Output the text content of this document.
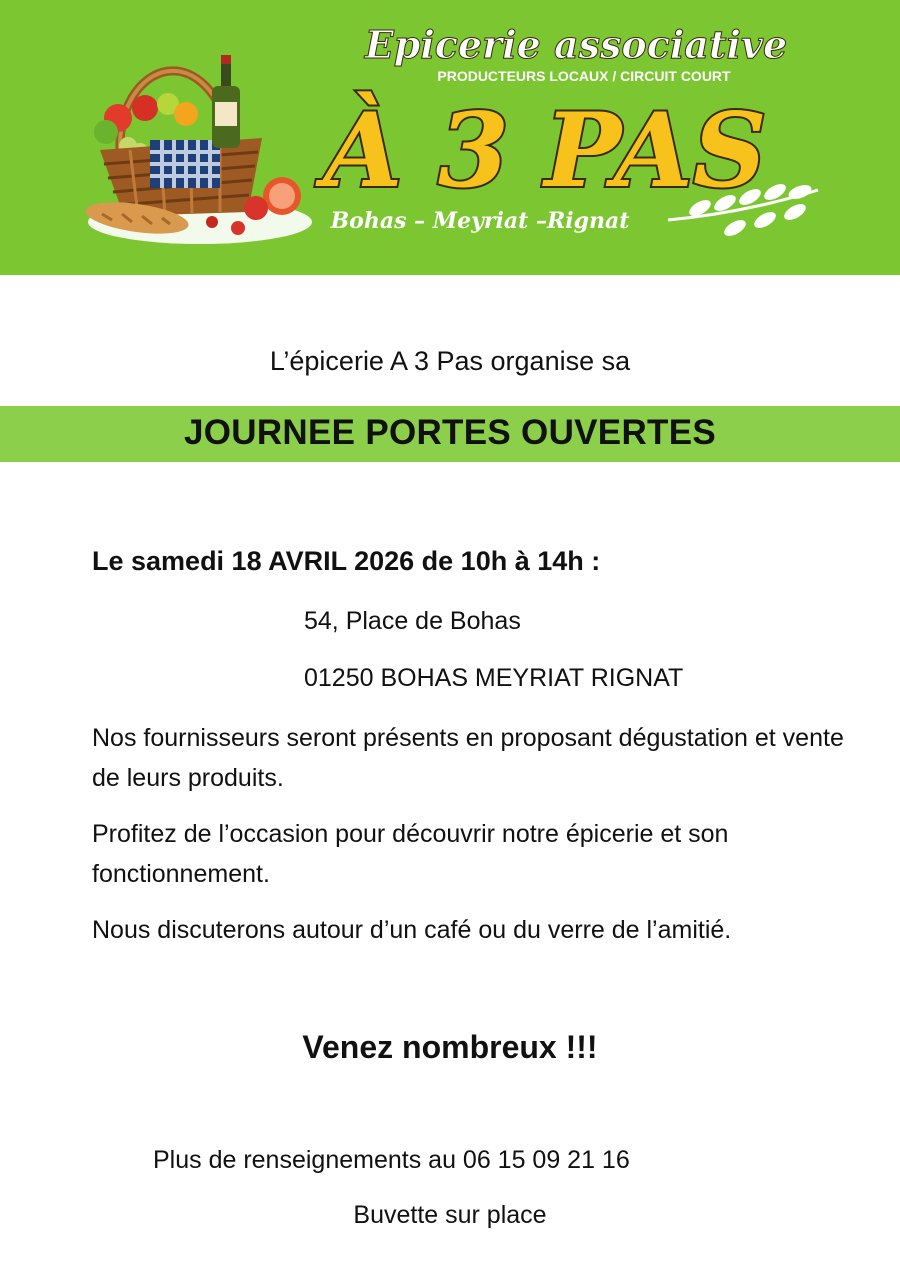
Epicerie associative
PRODUCTEURS LOCAUX / CIRCUIT COURT
À 3 PAS
Bohas – Meyriat –Rignat
L’épicerie A 3 Pas organise sa
JOURNEE PORTES OUVERTES
Le samedi 18 AVRIL 2026 de 10h à 14h :
54, Place de Bohas
01250 BOHAS MEYRIAT RIGNAT
Nos fournisseurs seront présents en proposant dégustation et vente de leurs produits.
Profitez de l’occasion pour découvrir notre épicerie et son fonctionnement.
Nous discuterons autour d’un café ou du verre de l’amitié.
Venez nombreux !!!
Plus de renseignements au 06 15 09 21 16
Buvette sur place
